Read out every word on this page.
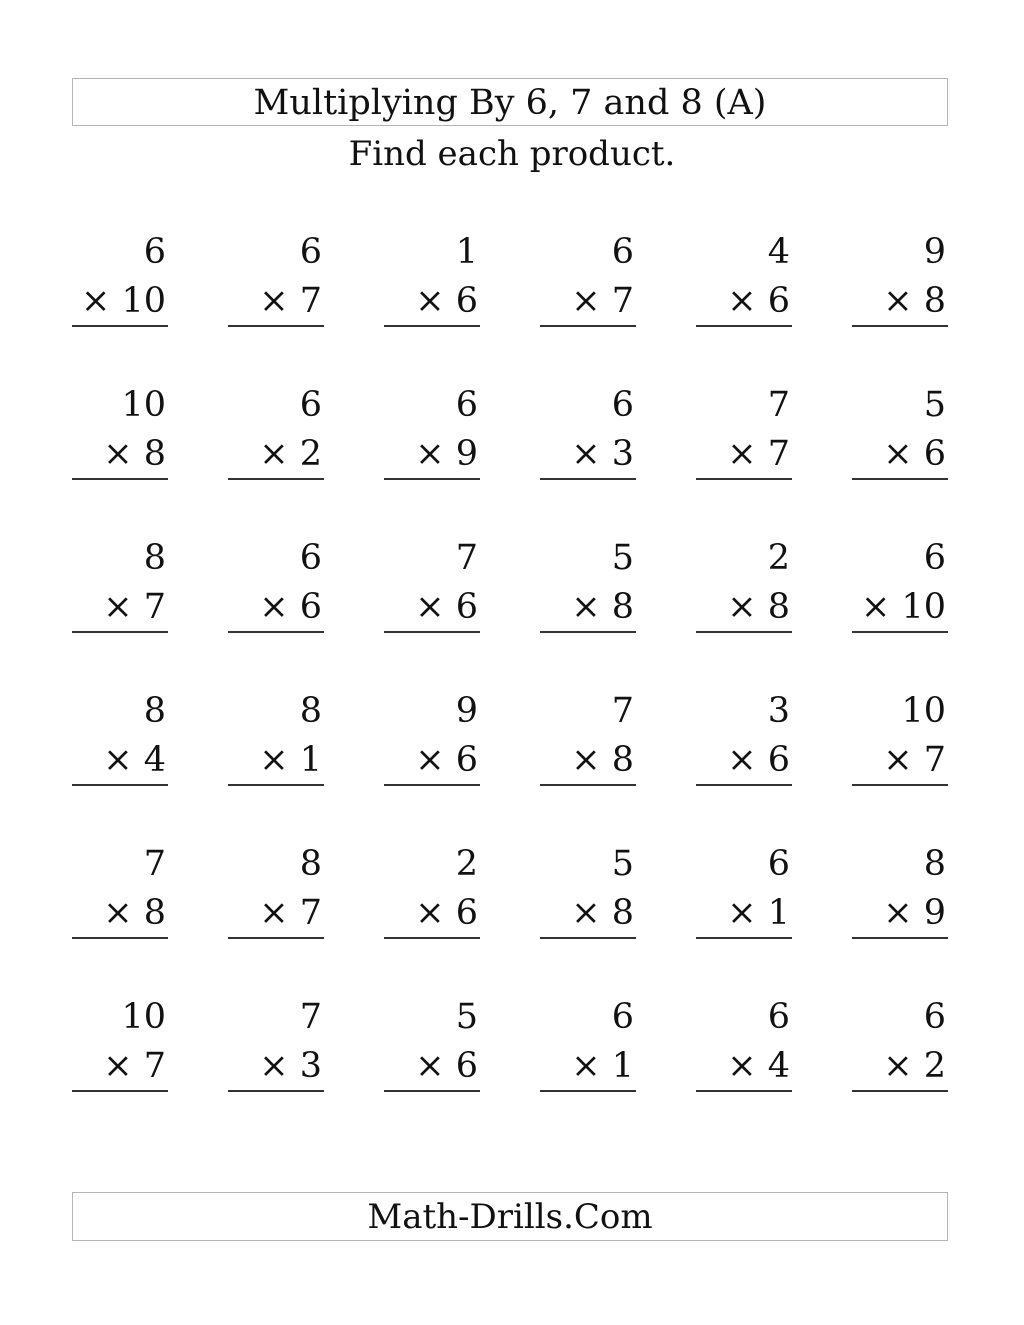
Multiplying By 6, 7 and 8 (A)
Find each product.
6
× 10
6
× 7
1
× 6
6
× 7
4
× 6
9
× 8
10
× 8
6
× 2
6
× 9
6
× 3
7
× 7
5
× 6
8
× 7
6
× 6
7
× 6
5
× 8
2
× 8
6
× 10
8
× 4
8
× 1
9
× 6
7
× 8
3
× 6
10
× 7
7
× 8
8
× 7
2
× 6
5
× 8
6
× 1
8
× 9
10
× 7
7
× 3
5
× 6
6
× 1
6
× 4
6
× 2
Math-Drills.Com
